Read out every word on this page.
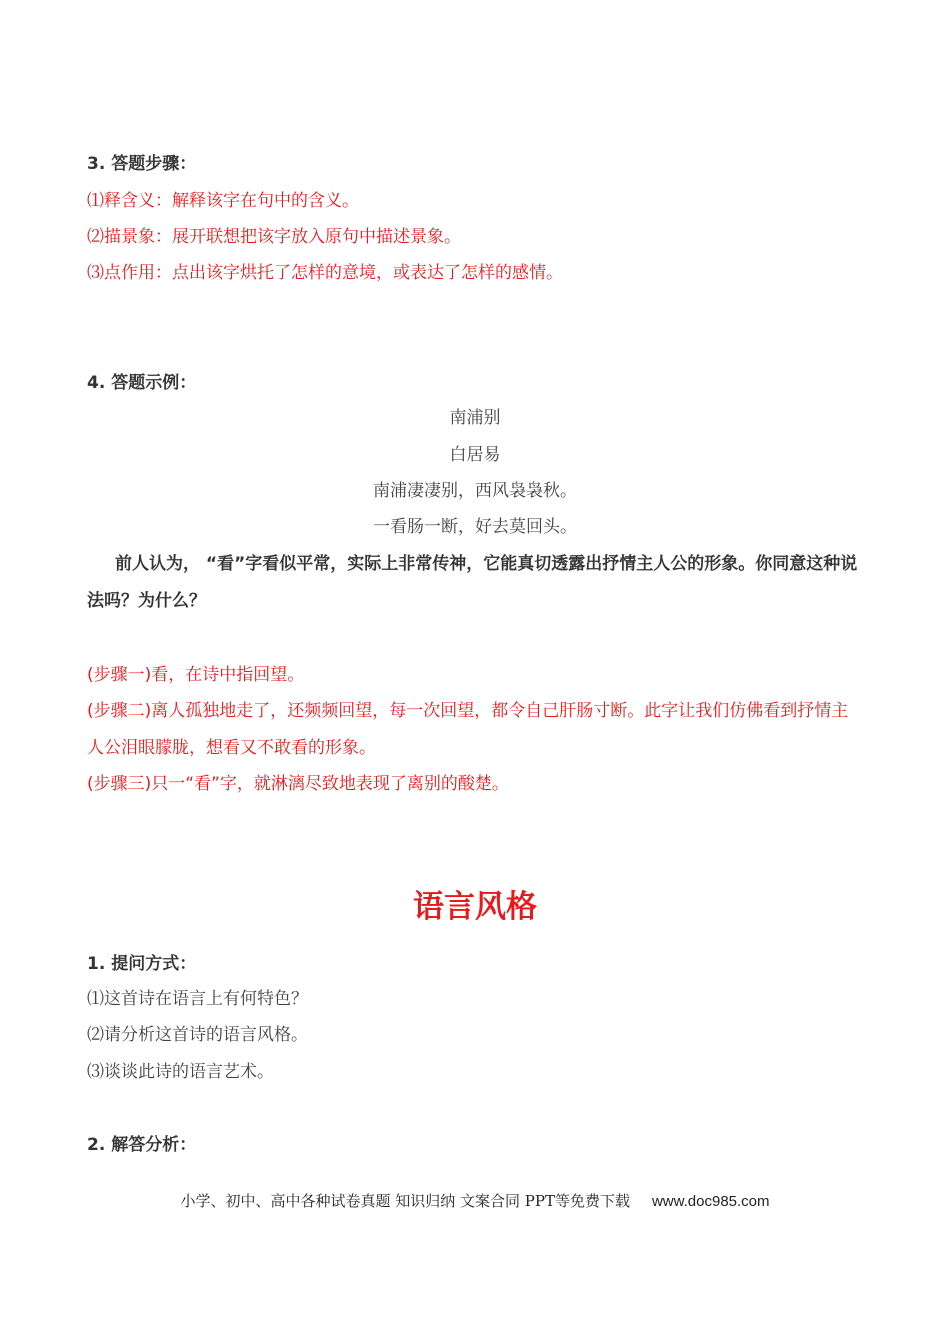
3. 答题步骤：
⑴释含义：解释该字在句中的含义。
⑵描景象：展开联想把该字放入原句中描述景象。
⑶点作用：点出该字烘托了怎样的意境，或表达了怎样的感情。
4. 答题示例：
南浦别
白居易
南浦凄凄别，西风袅袅秋。
一看肠一断，好去莫回头。
前人认为， “看”字看似平常，实际上非常传神，它能真切透露出抒情主人公的形象。你同意这种说法吗？为什么？
(步骤一)看，在诗中指回望。
(步骤二)离人孤独地走了，还频频回望，每一次回望，都令自己肝肠寸断。此字让我们仿佛看到抒情主人公泪眼朦胧，想看又不敢看的形象。
(步骤三)只一“看”字，就淋漓尽致地表现了离别的酸楚。
语言风格
1. 提问方式：
⑴这首诗在语言上有何特色？
⑵请分析这首诗的语言风格。
⑶谈谈此诗的语言艺术。
2. 解答分析：
小学、初中、高中各种试卷真题 知识归纳 文案合同 PPT等免费下载 www.doc985.com
